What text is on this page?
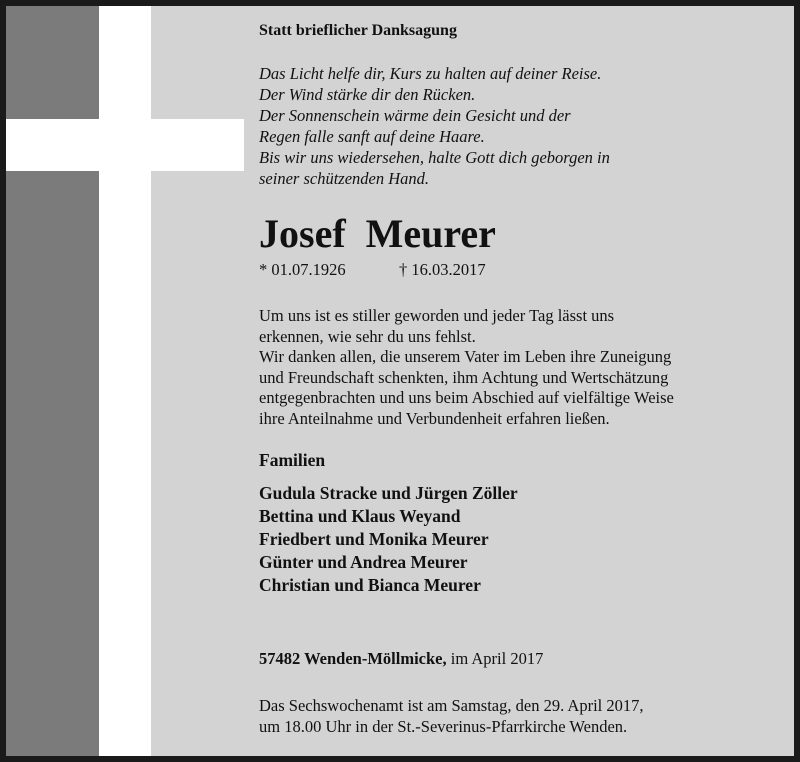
Statt brieflicher Danksagung
Das Licht helfe dir, Kurs zu halten auf deiner Reise.
Der Wind stärke dir den Rücken.
Der Sonnenschein wärme dein Gesicht und der
Regen falle sanft auf deine Haare.
Bis wir uns wiedersehen, halte Gott dich geborgen in
seiner schützenden Hand.
Josef  Meurer
* 01.07.1926	† 16.03.2017
Um uns ist es stiller geworden und jeder Tag lässt uns
erkennen, wie sehr du uns fehlst.
Wir danken allen, die unserem Vater im Leben ihre Zuneigung
und Freundschaft schenkten, ihm Achtung und Wertschätzung
entgegenbrachten und uns beim Abschied auf vielfältige Weise
ihre Anteilnahme und Verbundenheit erfahren ließen.
Familien
Gudula Stracke und Jürgen Zöller
Bettina und Klaus Weyand
Friedbert und Monika Meurer
Günter und Andrea Meurer
Christian und Bianca Meurer
57482 Wenden-Möllmicke, im April 2017
Das Sechswochenamt ist am Samstag, den 29. April 2017,
um 18.00 Uhr in der St.-Severinus-Pfarrkirche Wenden.
